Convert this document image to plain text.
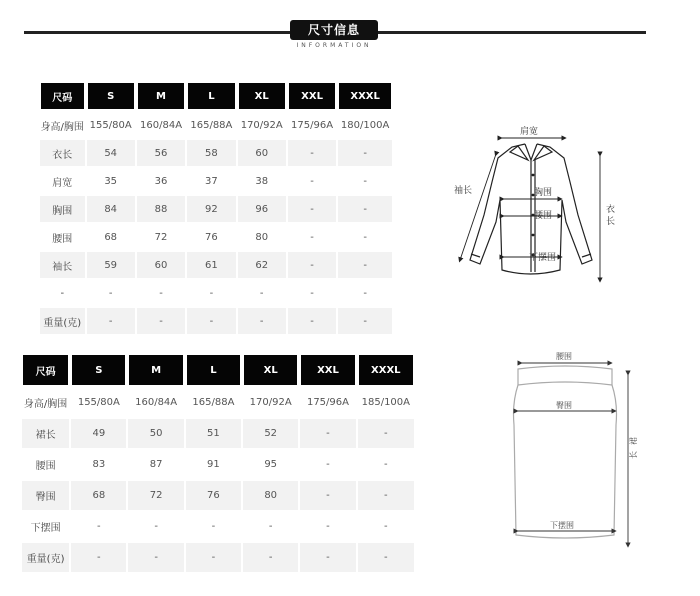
尺寸信息
INFORMATION
尺码	S	M	L	XL	XXL	XXXL
身高/胸围	155/80A	160/84A	165/88A	170/92A	175/96A	180/100A
衣长	54	56	58	60	-	-
肩宽	35	36	37	38	-	-
胸围	84	88	92	96	-	-
腰围	68	72	76	80	-	-
袖长	59	60	61	62	-	-
-	-	-	-	-	-	-
重量(克)	-	-	-	-	-	-
尺码	S	M	L	XL	XXL	XXXL
身高/胸围	155/80A	160/84A	165/88A	170/92A	175/96A	185/100A
裙长	49	50	51	52	-	-
腰围	83	87	91	95	-	-
臀围	68	72	76	80	-	-
下摆围	-	-	-	-	-	-
重量(克)	-	-	-	-	-	-
肩宽
袖长	胸围
腰围
下摆围
衣
长
腰围
臀围
下摆围
长
裙
